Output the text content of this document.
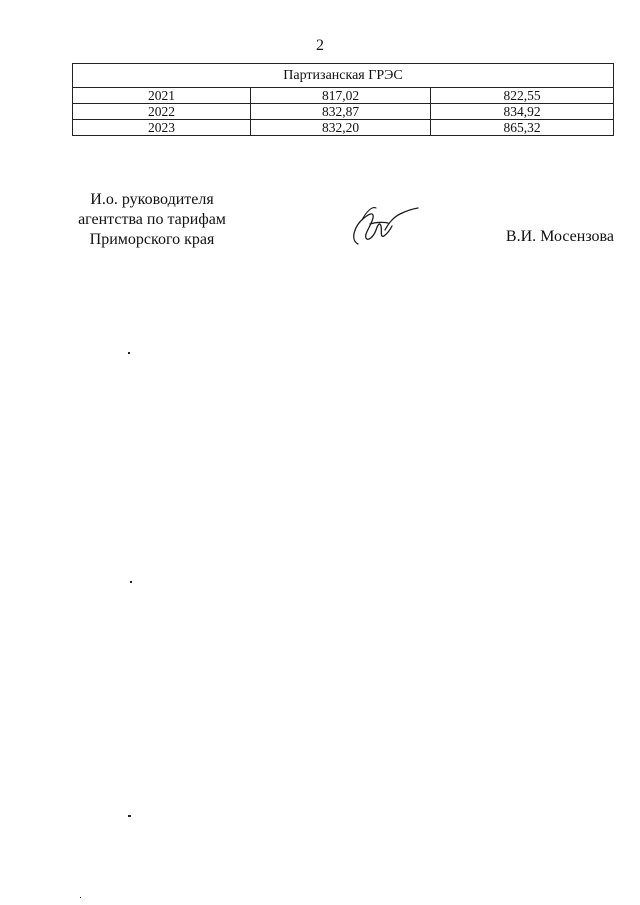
2
Партизанская ГРЭС		
2021	817,02	822,55
2022	832,87	834,92
2023	832,20	865,32
И.о. руководителя
агентства по тарифам
Приморского края	В.И. Мосензова
